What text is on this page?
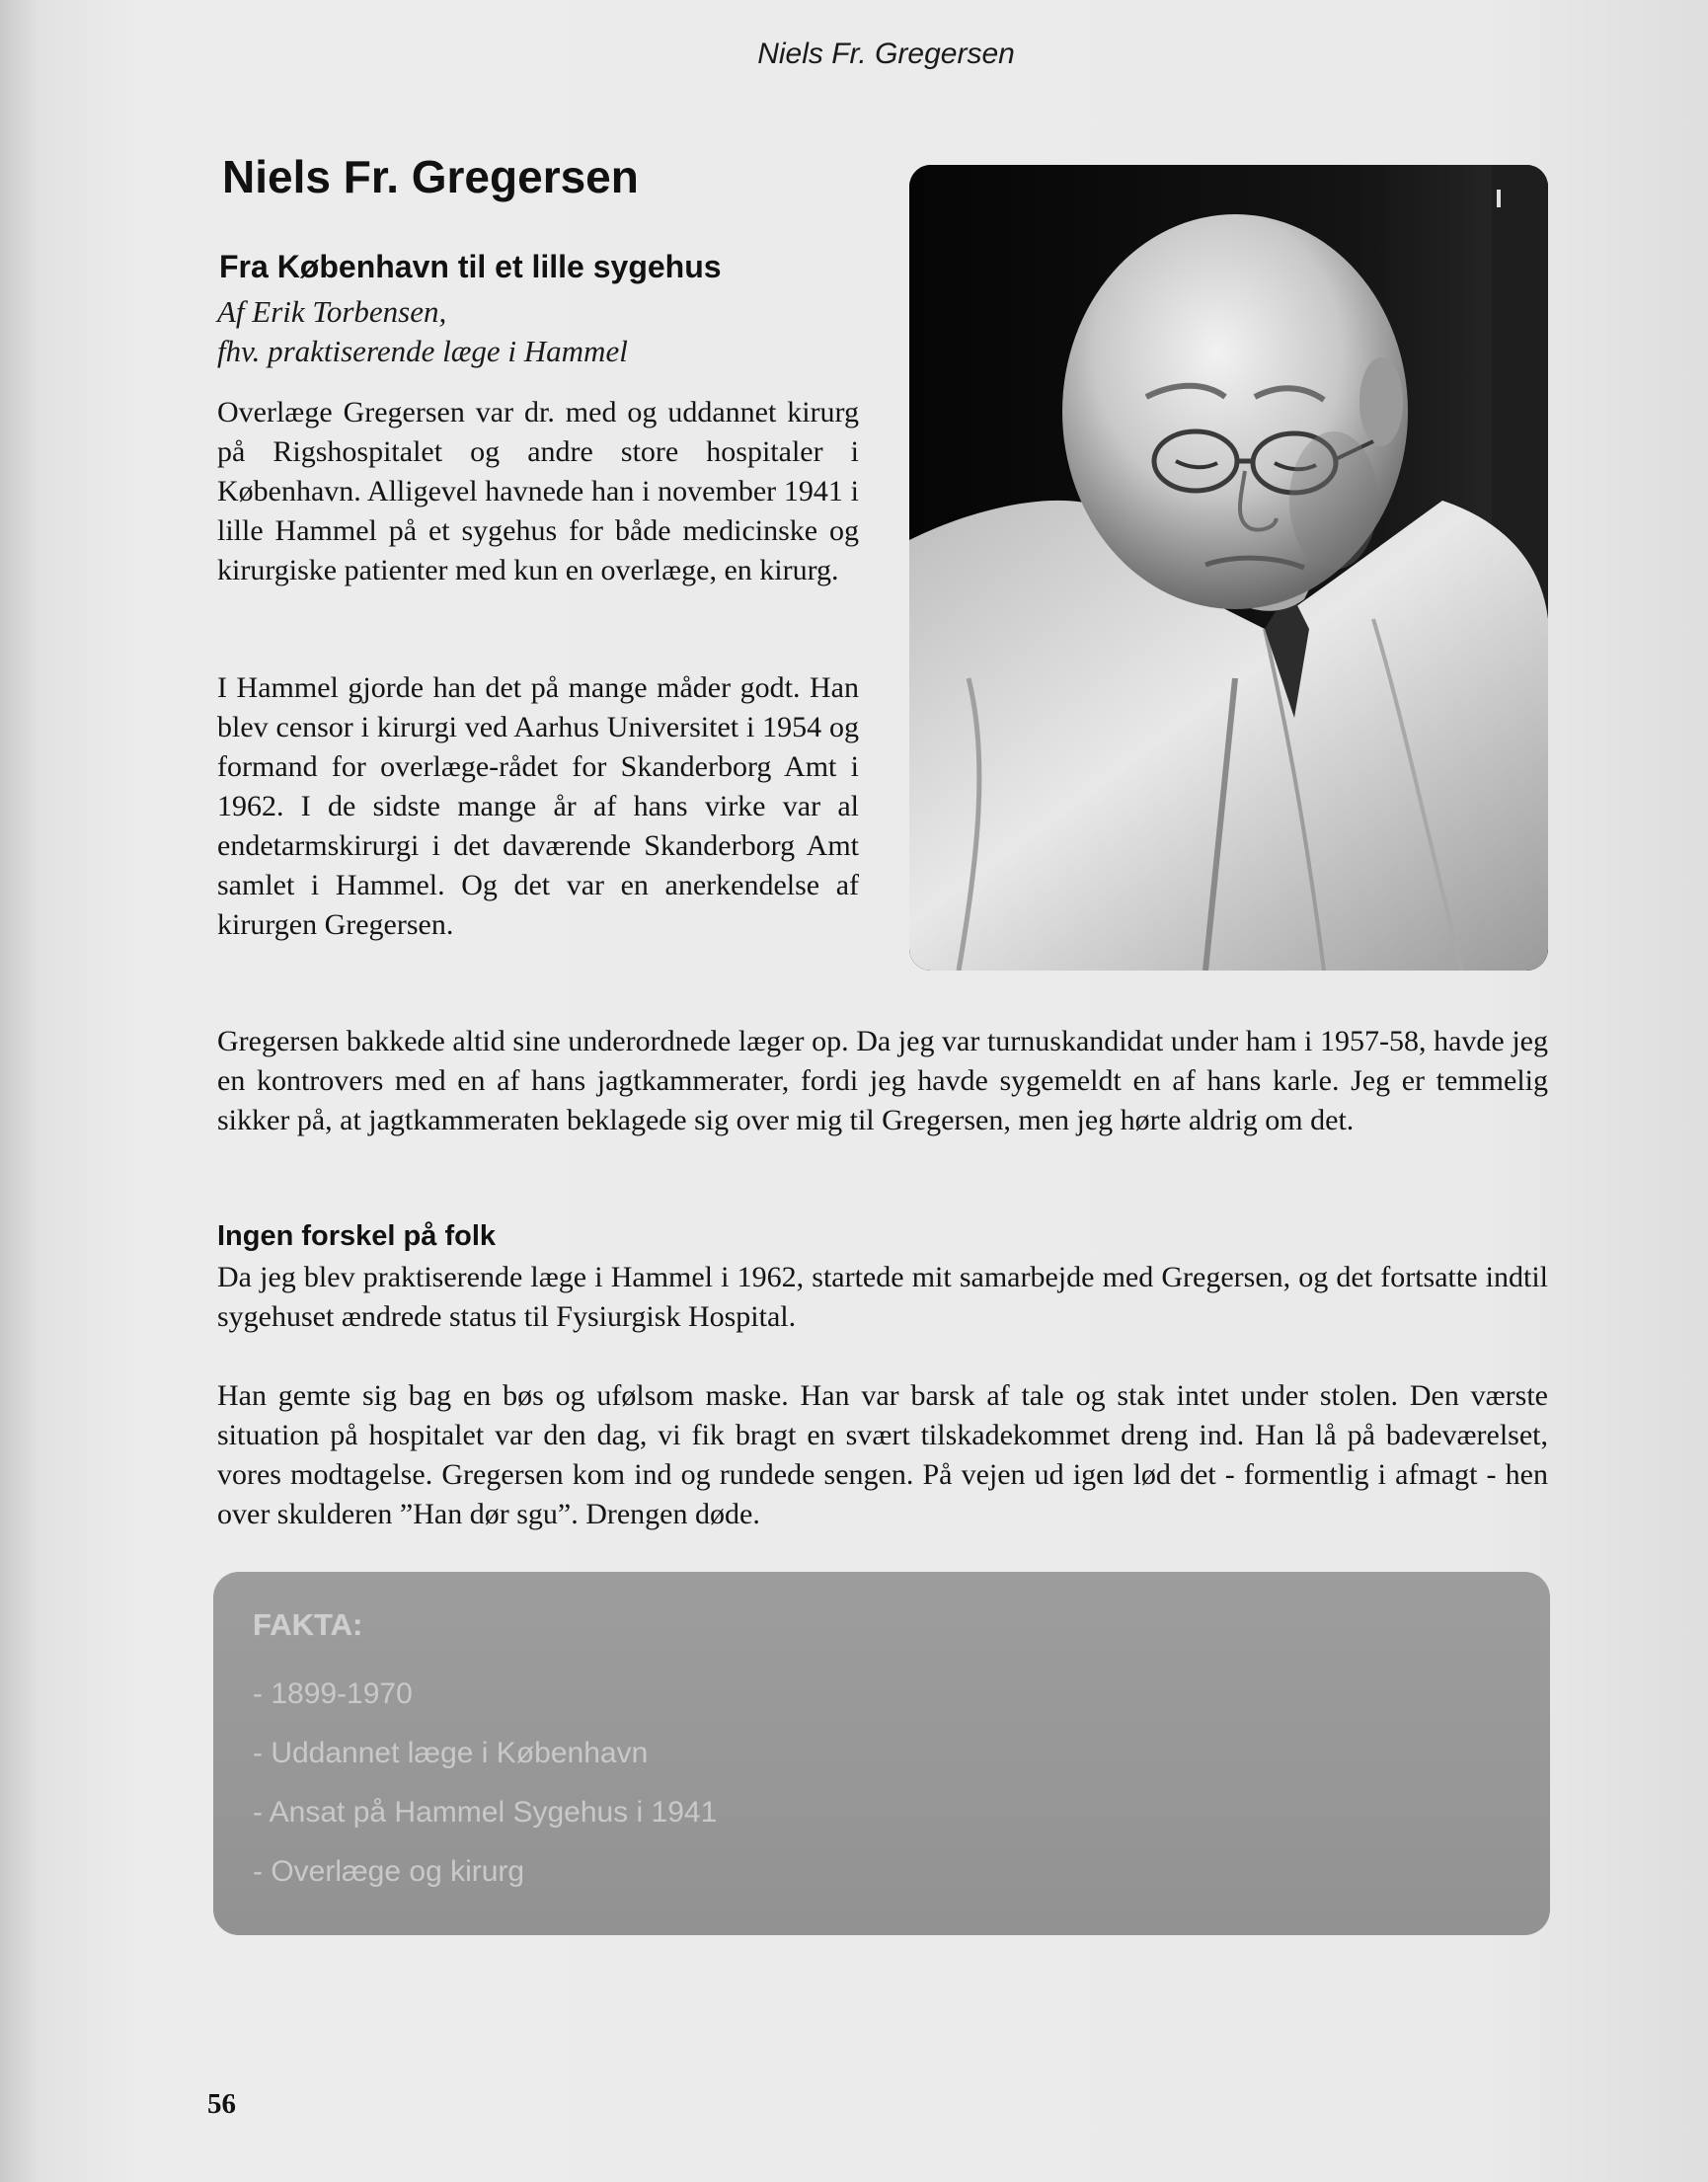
Niels Fr. Gregersen
Niels Fr. Gregersen
Fra København til et lille sygehus
Af Erik Torbensen,
fhv. praktiserende læge i Hammel

Overlæge Gregersen var dr. med og uddannet kirurg på Rigshospitalet og andre store hospitaler i København. Alligevel havnede han i november 1941 i lille Hammel på et sygehus for både medicinske og kirurgiske patienter med kun en overlæge, en kirurg.

I Hammel gjorde han det på mange måder godt. Han blev censor i kirurgi ved Aarhus Universitet i 1954 og formand for overlæge-rådet for Skanderborg Amt i 1962. I de sidste mange år af hans virke var al endetarmskirurgi i det daværende Skanderborg Amt samlet i Hammel. Og det var en anerkendelse af kirurgen Gregersen.

Gregersen bakkede altid sine underordnede læger op. Da jeg var turnuskandidat under ham i 1957-58, havde jeg en kontrovers med en af hans jagtkammerater, fordi jeg havde sygemeldt en af hans karle. Jeg er temmelig sikker på, at jagtkammeraten beklagede sig over mig til Gregersen, men jeg hørte aldrig om det.

Ingen forskel på folk

Da jeg blev praktiserende læge i Hammel i 1962, startede mit samarbejde med Gregersen, og det fortsatte indtil sygehuset ændrede status til Fysiurgisk Hospital.

Han gemte sig bag en bøs og ufølsom maske. Han var barsk af tale og stak intet under stolen. Den værste situation på hospitalet var den dag, vi fik bragt en svært tilskadekommet dreng ind. Han lå på badeværelset, vores modtagelse. Gregersen kom ind og rundede sengen. På vejen ud igen lød det - formentlig i afmagt - hen over skulderen ”Han dør sgu”. Drengen døde.

FAKTA:
- 1899-1970
- Uddannet læge i København
- Ansat på Hammel Sygehus i 1941
- Overlæge og kirurg
56
